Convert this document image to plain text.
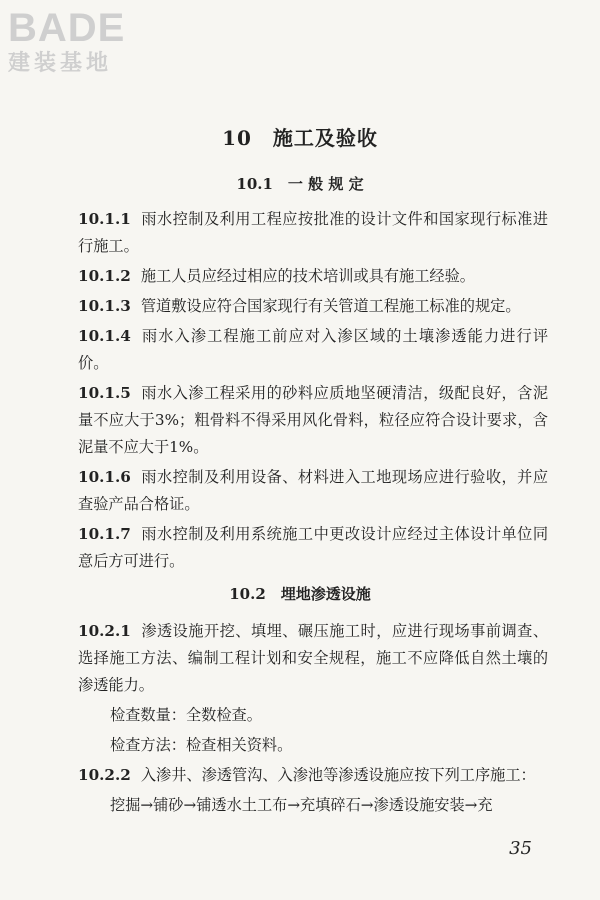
BADE
建装基地
10　施工及验收
10.1　一 般 规 定

10.1.1 雨水控制及利用工程应按批准的设计文件和国家现行标准进行施工。

10.1.2 施工人员应经过相应的技术培训或具有施工经验。

10.1.3 管道敷设应符合国家现行有关管道工程施工标准的规定。

10.1.4 雨水入渗工程施工前应对入渗区域的土壤渗透能力进行评价。

10.1.5 雨水入渗工程采用的砂料应质地坚硬清洁，级配良好，含泥量不应大于3%；粗骨料不得采用风化骨料，粒径应符合设计要求，含泥量不应大于1%。

10.1.6 雨水控制及利用设备、材料进入工地现场应进行验收，并应查验产品合格证。

10.1.7 雨水控制及利用系统施工中更改设计应经过主体设计单位同意后方可进行。

10.2　埋地渗透设施

10.2.1 渗透设施开挖、填埋、碾压施工时，应进行现场事前调查、选择施工方法、编制工程计划和安全规程，施工不应降低自然土壤的渗透能力。

检查数量：全数检查。

检查方法：检查相关资料。

10.2.2 入渗井、渗透管沟、入渗池等渗透设施应按下列工序施工：

挖掘→铺砂→铺透水土工布→充填碎石→渗透设施安装→充

35
